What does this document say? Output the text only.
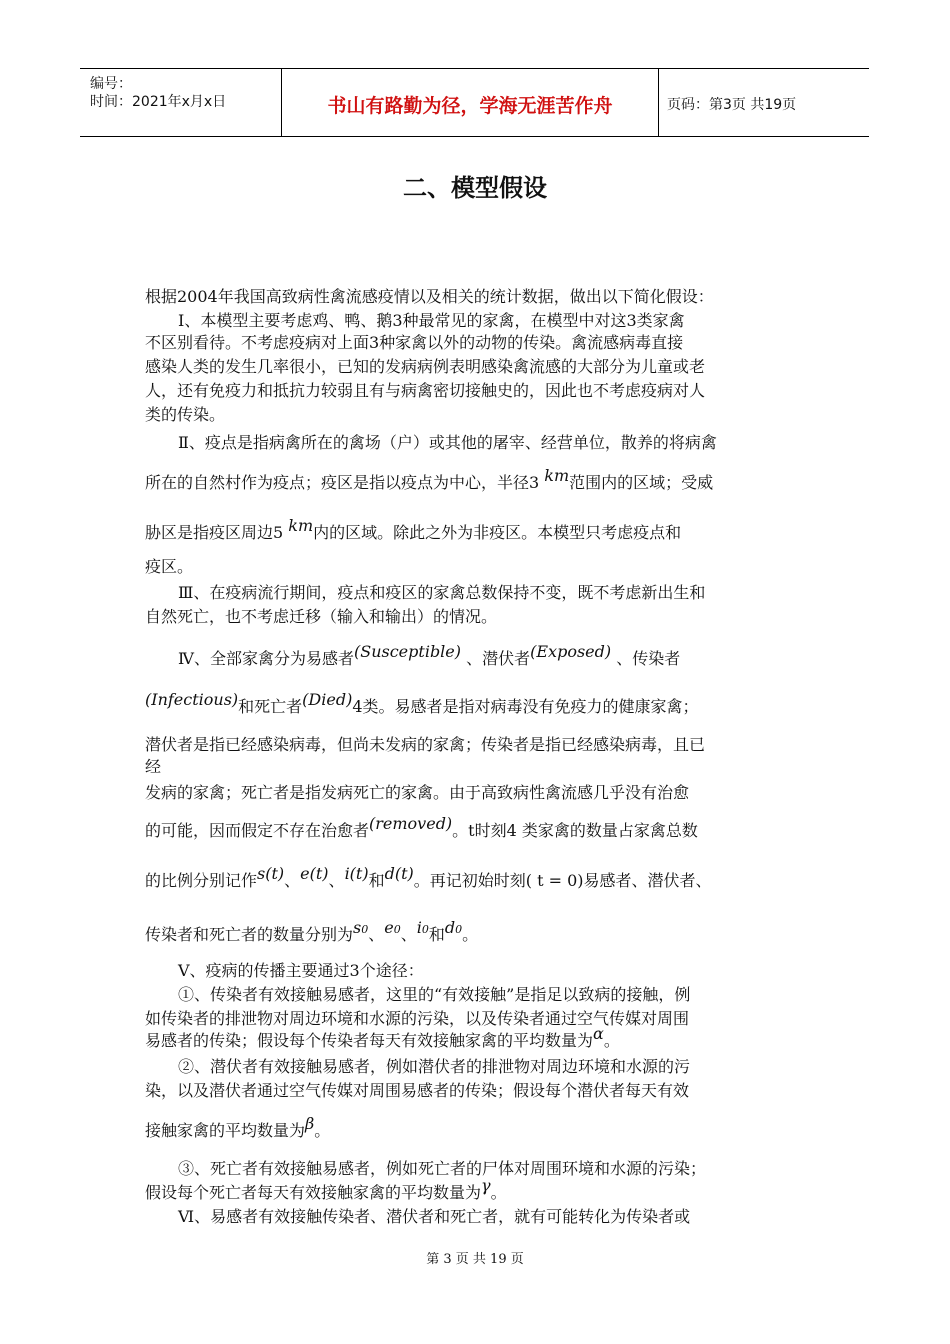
编号：
时间：2021年x月x日	书山有路勤为径，学海无涯苦作舟	页码：第3页 共19页
二、模型假设
根据2004年我国高致病性禽流感疫情以及相关的统计数据，做出以下简化假设：
Ⅰ、本模型主要考虑鸡、鸭、鹅3种最常见的家禽，在模型中对这3类家禽
不区别看待。不考虑疫病对上面3种家禽以外的动物的传染。禽流感病毒直接
感染人类的发生几率很小，已知的发病病例表明感染禽流感的大部分为儿童或老
人，还有免疫力和抵抗力较弱且有与病禽密切接触史的，因此也不考虑疫病对人
类的传染。
Ⅱ、疫点是指病禽所在的禽场（户）或其他的屠宰、经营单位，散养的将病禽
所在的自然村作为疫点；疫区是指以疫点为中心，半径3 km范围内的区域；受威
胁区是指疫区周边5 km内的区域。除此之外为非疫区。本模型只考虑疫点和
疫区。
Ⅲ、在疫病流行期间，疫点和疫区的家禽总数保持不变，既不考虑新出生和
自然死亡，也不考虑迁移（输入和输出）的情况。
Ⅳ、全部家禽分为易感者(Susceptible) 、潜伏者(Exposed) 、传染者
(Infectious)和死亡者(Died)4类。易感者是指对病毒没有免疫力的健康家禽；
潜伏者是指已经感染病毒，但尚未发病的家禽；传染者是指已经感染病毒，且已
经
发病的家禽；死亡者是指发病死亡的家禽。由于高致病性禽流感几乎没有治愈
的可能，因而假定不存在治愈者(removed)。t时刻4 类家禽的数量占家禽总数
的比例分别记作s(t)、e(t)、i(t)和d(t)。再记初始时刻( t = 0)易感者、潜伏者、
传染者和死亡者的数量分别为s0、e0、i0和d0。
Ⅴ、疫病的传播主要通过3个途径：
①、传染者有效接触易感者，这里的“有效接触”是指足以致病的接触，例
如传染者的排泄物对周边环境和水源的污染，以及传染者通过空气传媒对周围
易感者的传染；假设每个传染者每天有效接触家禽的平均数量为α。
②、潜伏者有效接触易感者，例如潜伏者的排泄物对周边环境和水源的污
染，以及潜伏者通过空气传媒对周围易感者的传染；假设每个潜伏者每天有效
接触家禽的平均数量为β。
③、死亡者有效接触易感者，例如死亡者的尸体对周围环境和水源的污染；
假设每个死亡者每天有效接触家禽的平均数量为γ。
Ⅵ、易感者有效接触传染者、潜伏者和死亡者，就有可能转化为传染者或
第 3 页 共 19 页
